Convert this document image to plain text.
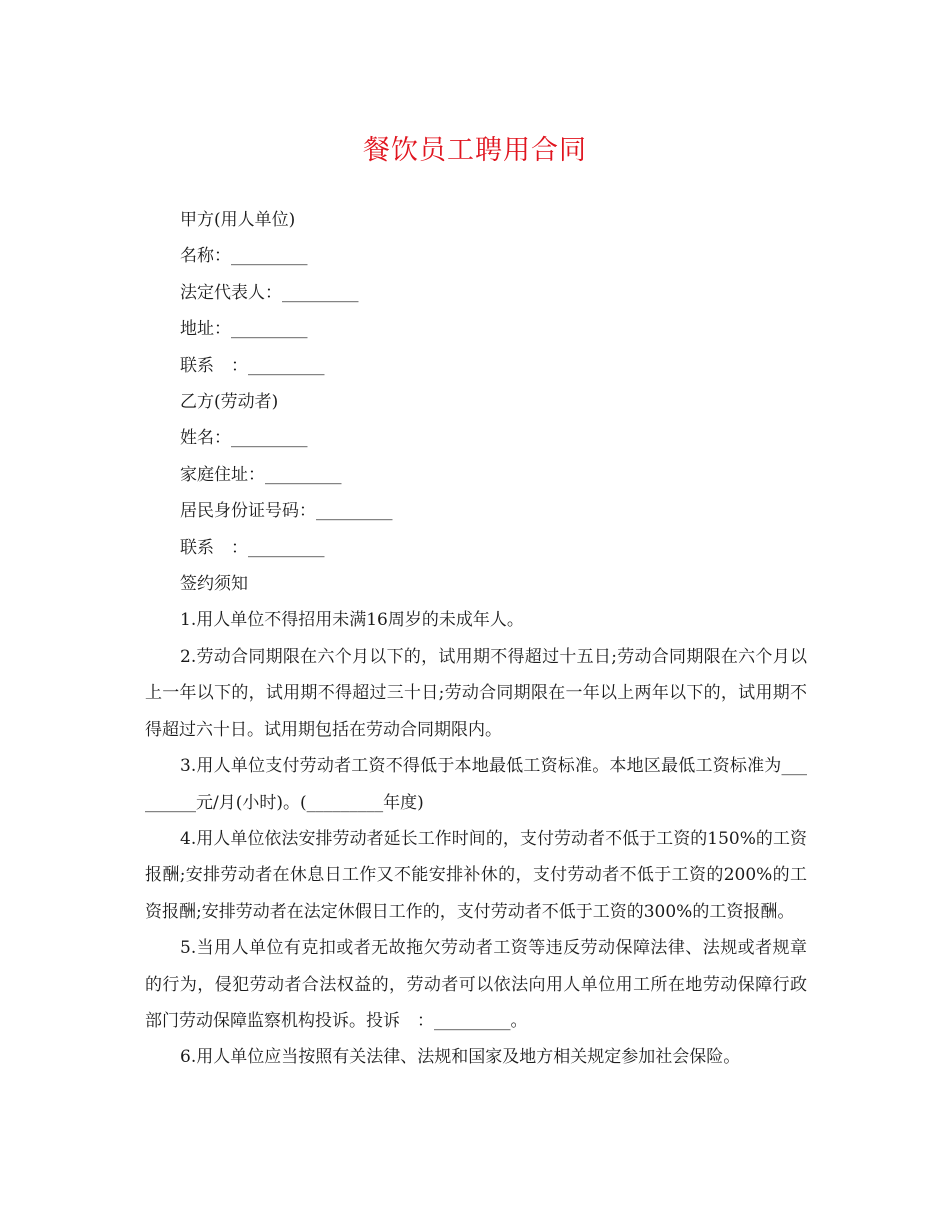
餐饮员工聘用合同
甲方(用人单位)
名称：_________
法定代表人：_________
地址：_________
联系　：_________
乙方(劳动者)
姓名：_________
家庭住址：_________
居民身份证号码：_________
联系　：_________
签约须知
1.用人单位不得招用未满16周岁的未成年人。
2.劳动合同期限在六个月以下的，试用期不得超过十五日;劳动合同期限在六个月以上一年以下的，试用期不得超过三十日;劳动合同期限在一年以上两年以下的，试用期不得超过六十日。试用期包括在劳动合同期限内。
3.用人单位支付劳动者工资不得低于本地最低工资标准。本地区最低工资标准为_________元/月(小时)。(_________年度)
4.用人单位依法安排劳动者延长工作时间的，支付劳动者不低于工资的150%的工资报酬;安排劳动者在休息日工作又不能安排补休的，支付劳动者不低于工资的200%的工资报酬;安排劳动者在法定休假日工作的，支付劳动者不低于工资的300%的工资报酬。
5.当用人单位有克扣或者无故拖欠劳动者工资等违反劳动保障法律、法规或者规章的行为，侵犯劳动者合法权益的，劳动者可以依法向用人单位用工所在地劳动保障行政部门劳动保障监察机构投诉。投诉　：_________。
6.用人单位应当按照有关法律、法规和国家及地方相关规定参加社会保险。
